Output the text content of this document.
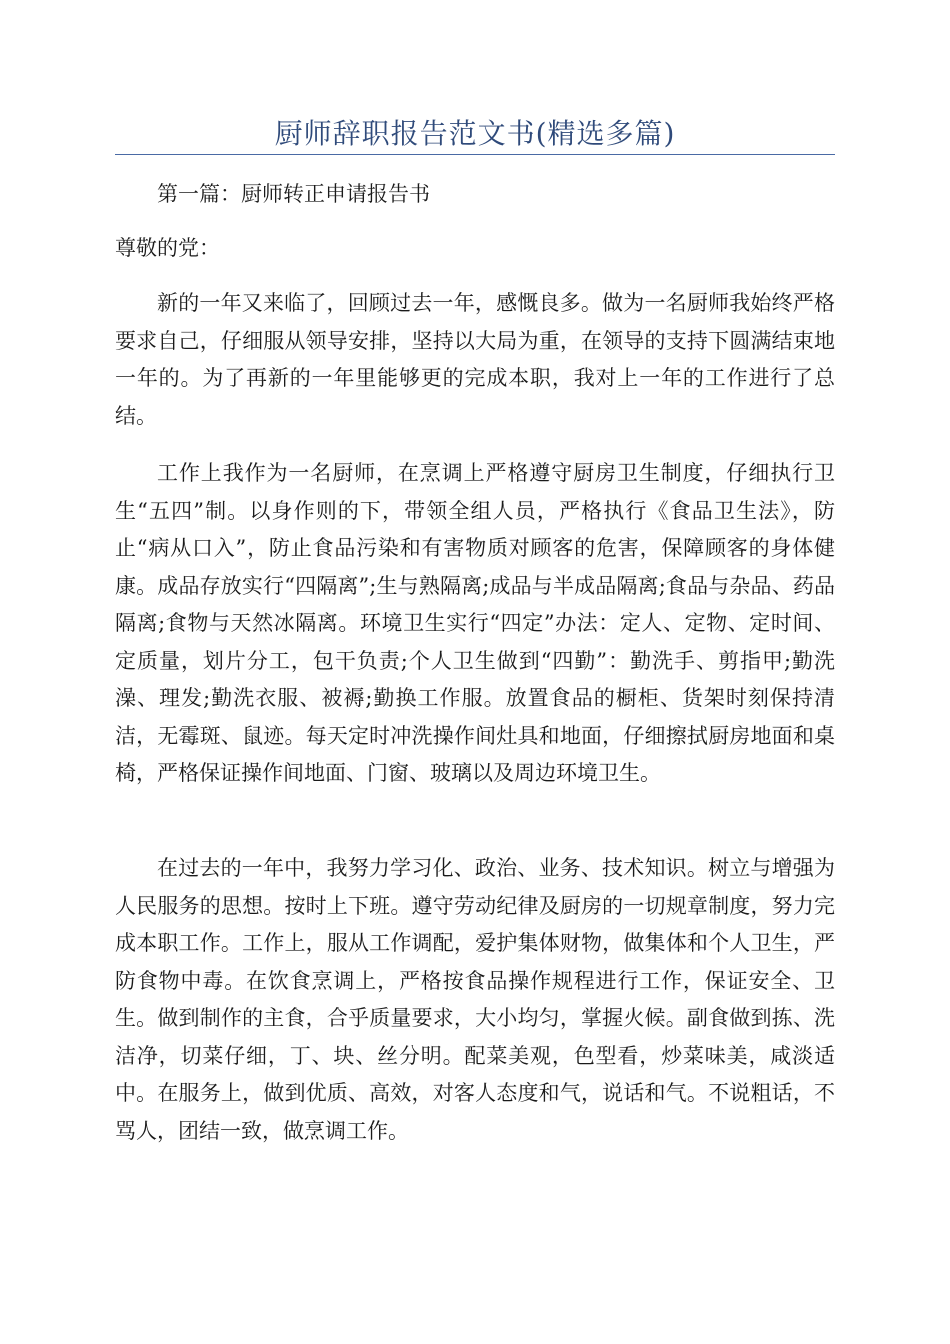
厨师辞职报告范文书(精选多篇)

第一篇：厨师转正申请报告书

尊敬的党：

新的一年又来临了，回顾过去一年，感慨良多。做为一名厨师我始终严格要求自己，仔细服从领导安排，坚持以大局为重，在领导的支持下圆满结束地一年的。为了再新的一年里能够更的完成本职，我对上一年的工作进行了总结。

工作上我作为一名厨师，在烹调上严格遵守厨房卫生制度，仔细执行卫生“五四”制。以身作则的下，带领全组人员，严格执行《食品卫生法》，防止“病从口入”，防止食品污染和有害物质对顾客的危害，保障顾客的身体健康。成品存放实行“四隔离”;生与熟隔离;成品与半成品隔离;食品与杂品、药品隔离;食物与天然冰隔离。环境卫生实行“四定”办法：定人、定物、定时间、定质量，划片分工，包干负责;个人卫生做到“四勤”：勤洗手、剪指甲;勤洗澡、理发;勤洗衣服、被褥;勤换工作服。放置食品的橱柜、货架时刻保持清洁，无霉斑、鼠迹。每天定时冲洗操作间灶具和地面，仔细擦拭厨房地面和桌椅，严格保证操作间地面、门窗、玻璃以及周边环境卫生。

在过去的一年中，我努力学习化、政治、业务、技术知识。树立与增强为人民服务的思想。按时上下班。遵守劳动纪律及厨房的一切规章制度，努力完成本职工作。工作上，服从工作调配，爱护集体财物，做集体和个人卫生，严防食物中毒。在饮食烹调上，严格按食品操作规程进行工作，保证安全、卫生。做到制作的主食，合乎质量要求，大小均匀，掌握火候。副食做到拣、洗洁净，切菜仔细，丁、块、丝分明。配菜美观，色型看，炒菜味美，咸淡适中。在服务上，做到优质、高效，对客人态度和气，说话和气。不说粗话，不骂人，团结一致，做烹调工作。
